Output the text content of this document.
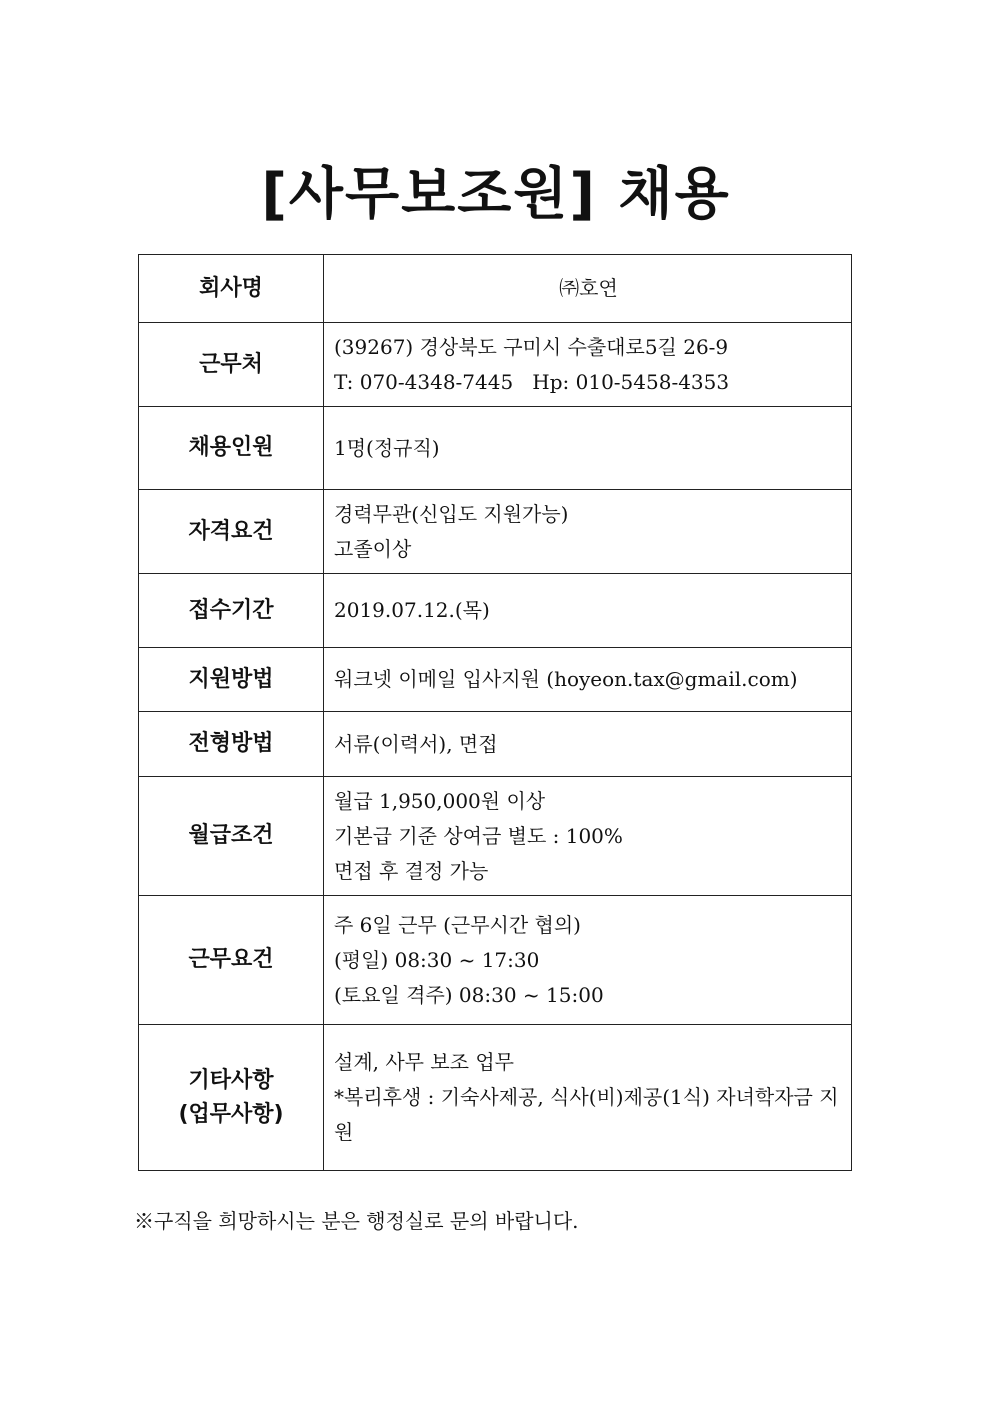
[사무보조원] 채용
회사명	㈜호연

근무처	(39267) 경상북도 구미시 수출대로5길 26-9
T: 070-4348-7445   Hp: 010-5458-4353

채용인원	1명(정규직)

자격요건	경력무관(신입도 지원가능)
고졸이상

접수기간	2019.07.12.(목)

지원방법	워크넷 이메일 입사지원 (hoyeon.tax@gmail.com)

전형방법	서류(이력서), 면접

월급조건	월급 1,950,000원 이상
기본급 기준 상여금 별도 : 100%
면접 후 결정 가능

근무요건	주 6일 근무 (근무시간 협의)
(평일) 08:30 ~ 17:30
(토요일 격주) 08:30 ~ 15:00

기타사항
(업무사항)	설계, 사무 보조 업무
*복리후생 : 기숙사제공, 식사(비)제공(1식) 자녀학자금 지원
※구직을 희망하시는 분은 행정실로 문의 바랍니다.
